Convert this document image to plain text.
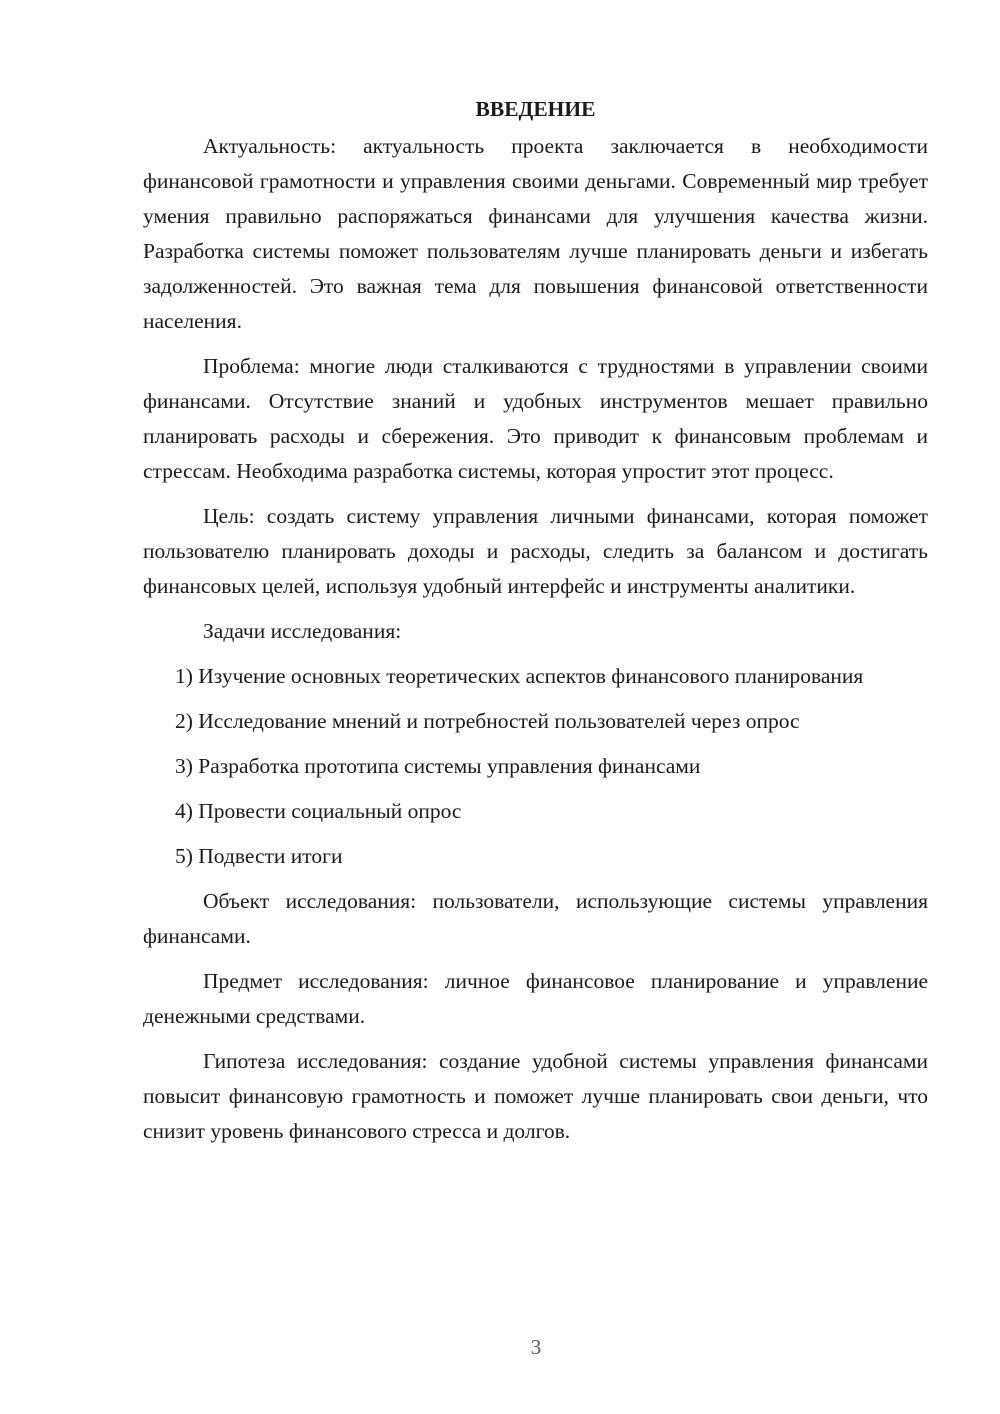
ВВЕДЕНИЕ

Актуальность: актуальность проекта заключается в необходимости финансовой грамотности и управления своими деньгами. Современный мир требует умения правильно распоряжаться финансами для улучшения качества жизни. Разработка системы поможет пользователям лучше планировать деньги и избегать задолженностей. Это важная тема для повышения финансовой ответственности населения.

Проблема: многие люди сталкиваются с трудностями в управлении своими финансами. Отсутствие знаний и удобных инструментов мешает правильно планировать расходы и сбережения. Это приводит к финансовым проблемам и стрессам. Необходима разработка системы, которая упростит этот процесс.

Цель: создать систему управления личными финансами, которая поможет пользователю планировать доходы и расходы, следить за балансом и достигать финансовых целей, используя удобный интерфейс и инструменты аналитики.

Задачи исследования:

1) Изучение основных теоретических аспектов финансового планирования

2) Исследование мнений и потребностей пользователей через опрос

3) Разработка прототипа системы управления финансами

4) Провести социальный опрос

5) Подвести итоги

Объект исследования: пользователи, использующие системы управления финансами.

Предмет исследования: личное финансовое планирование и управление денежными средствами.

Гипотеза исследования: создание удобной системы управления финансами повысит финансовую грамотность и поможет лучше планировать свои деньги, что снизит уровень финансового стресса и долгов.

3
